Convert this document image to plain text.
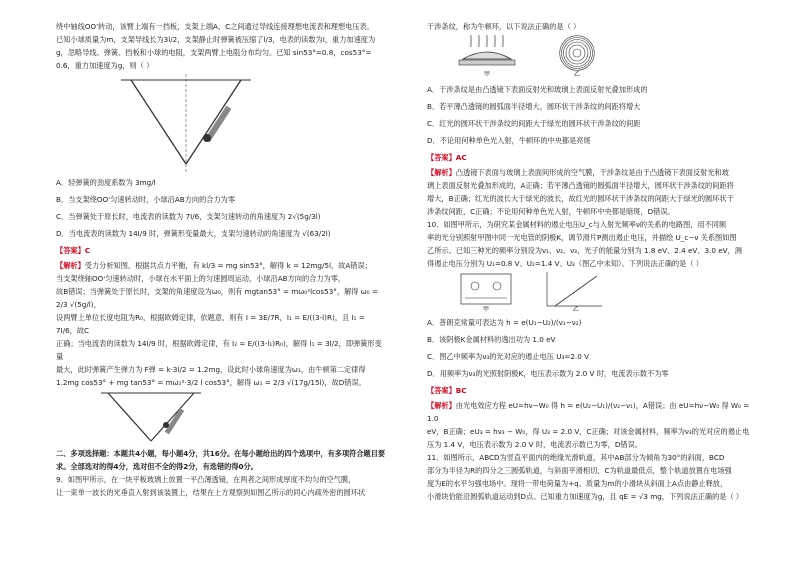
绕中轴线OO'转动，该臂上端有一挡板，支架上端A、C之间通过导线连接理想电流表和理想电压表。

已知小球质量为m，支架导线长为3l/2，支架静止时弹簧被压缩了l/3，电表的读数为I，重力加速度为

g，忽略导线、弹簧、挡板和小球的电阻，支架两臂上电阻分布均匀。已知 sin53°=0.8，cos53°=

0.6，重力加速度为g，则（ ）

A．轻弹簧的劲度系数为 3mg/l

B．当支架绕OO'匀速转动时，小球沿AB方向的合力为零

C．当弹簧处于原长时，电流表的读数为 7I/6，支架匀速转动的角速度为 2√(5g/3l)

D．当电流表的读数为 14I/9 时，弹簧形变量最大，支架匀速转动的角速度为 √(63/2l)

【答案】C

【解析】受力分析知图，根据共点力平衡，有 kl/3 = mg sin53°，解得 k = 12mg/5l，故A错误；

当支架绕轴OO'匀速转动时，小球在水平面上的匀速圆周运动，小球沿AB方向的合力为零，

故B错误；当弹簧处于原长时，支架的角速度设为ω₀，则有 mgtan53° = mω₀²lcos53°，解得 ω₀ = 2/3 √(5g/l)，

设两臂上单位长度电阻为R₀，根据欧姆定律，依题意，则有 I = 3E/7R，I₁ = E/((3-l)R)，且 I₁ = 7I/6，故C

正确；当电流表的读数为 14I/9 时，根据欧姆定律，有 I₂ = E/((3-l₁)R₀)，解得 l₁ = 3l/2，即弹簧形变量

最大，此时弹簧产生弹力为 F弹 = k·3l/2 = 1.2mg，设此时小球角速度为ω₁，由牛顿第二定律得

1.2mg cos53° + mg tan53° = mω₁²·3/2 l cos53°，解得 ω₁ = 2/3 √(17g/15l)，故D错误。

二、多项选择题：本题共4小题，每小题4分，共16分。在每小题给出的四个选项中，有多项符合题目要求。全部选对的得4分，选对但不全的得2分，有选错的得0分。

9．如图甲所示，在一块平板玻璃上放置一平凸薄透镜，在两者之间形成厚度不均匀的空气膜，

让一束单一波长的光垂直入射到该装置上，结果在上方观察到如图乙所示的同心内疏外密的圆环状

干涉条纹，称为牛顿环，以下说法正确的是（ ）

甲	乙

A．干涉条纹是由凸透镜下表面反射光和玻璃上表面反射光叠加形成的

B．若平薄凸透镜的圆弧面半径增大，圆环状干涉条纹的间距将增大

C．红光的圆环状干涉条纹的间距大于绿光的圆环状干涉条纹的间距

D．不论用何种单色光入射，牛顿环的中央都是亮斑

【答案】AC

【解析】凸透镜下表面与玻璃上表面间形成的空气膜，干涉条纹是由于凸透镜下表面反射光和玻

璃上表面反射光叠加形成的，A正确；若平薄凸透镜的圆弧面半径增大，圆环状干涉条纹的间距将

增大，B正确；红光的波长大于绿光的波长，故红光的圆环状干涉条纹的间距大于绿光的圆环状干

涉条纹间距，C正确；不论用何种单色光入射，牛顿环中央都是暗斑，D错误。

10．如图甲所示，为研究某金属材料的遏止电压U_c与入射光频率ν的关系的电路图，用不同频

率的光分别照射甲图中同一光电管的阴极K，调节滑片P测出遏止电压，并描绘 U_c−ν 关系图如图

乙所示。已知三种光的频率分别设为ν₁、ν₂、ν₃，光子的能量分别为 1.8 eV、2.4 eV、3.0 eV，测

得遏止电压分别为 U₁=0.8 V、U₂=1.4 V、U₃（图乙中未知）。下列说法正确的是（ ）

甲	乙

A．普朗克常量可表达为 h = e(U₁−U₂)/(ν₁−ν₂)

B．该阴极K金属材料的逸出功为 1.0 eV

C．图乙中频率为ν₃的光对应的遏止电压 U₃=2.0 V

D．用频率为ν₃的光照射阴极K，电压表示数为 2.0 V 时，电流表示数不为零

【答案】BC

【解析】由光电效应方程 eU=hν−W₀ 得 h = e(U₂−U₁)/(ν₂−ν₁)，A错误；由 eU=hν−W₀ 得 W₀ = 1.0

eV，B正确；eU₃ = hν₃ − W₀，得 U₃ = 2.0 V，C正确；对该金属材料，频率为ν₃的光对应的遏止电

压为 1.4 V，电压表示数为 2.0 V 时，电流表示数已为零，D错误。

11．如图所示，ABCD为竖直平面内的绝缘光滑轨道，其中AB部分为倾角为30°的斜面，BCD

部分为半径为R的四分之三圆弧轨道，与斜面平滑相切，C为轨道最低点，整个轨道放置在电场强

度为E的水平匀强电场中。现将一带电荷量为+q、质量为m的小滑块从斜面上A点由静止释放，

小滑块恰能沿圆弧轨道运动到D点。已知重力加速度为g，且 qE = √3 mg，下列说法正确的是（ ）
